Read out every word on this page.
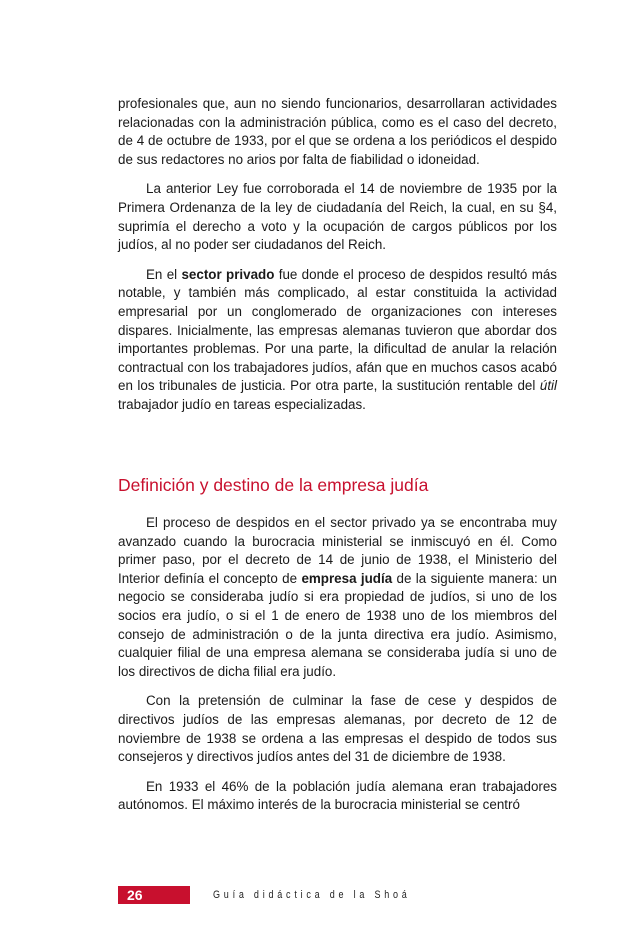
profesionales que, aun no siendo funcionarios, desarrollaran actividades relacionadas con la administración pública, como es el caso del decreto, de 4 de octubre de 1933, por el que se ordena a los periódicos el despido de sus redactores no arios por falta de fiabilidad o idoneidad.

La anterior Ley fue corroborada el 14 de noviembre de 1935 por la Primera Ordenanza de la ley de ciudadanía del Reich, la cual, en su §4, suprimía el derecho a voto y la ocupación de cargos públicos por los judíos, al no poder ser ciudadanos del Reich.

En el sector privado fue donde el proceso de despidos resultó más notable, y también más complicado, al estar constituida la actividad empresarial por un conglomerado de organizaciones con intereses dispares. Inicialmente, las empresas alemanas tuvieron que abordar dos importantes problemas. Por una parte, la dificultad de anular la relación contractual con los trabajadores judíos, afán que en muchos casos acabó en los tribunales de justicia. Por otra parte, la sustitución rentable del útil trabajador judío en tareas especializadas.

Definición y destino de la empresa judía

El proceso de despidos en el sector privado ya se encontraba muy avanzado cuando la burocracia ministerial se inmiscuyó en él. Como primer paso, por el decreto de 14 de junio de 1938, el Ministerio del Interior definía el concepto de empresa judía de la siguiente manera: un negocio se consideraba judío si era propiedad de judíos, si uno de los socios era judío, o si el 1 de enero de 1938 uno de los miembros del consejo de administración o de la junta directiva era judío. Asimismo, cualquier filial de una empresa alemana se consideraba judía si uno de los directivos de dicha filial era judío.

Con la pretensión de culminar la fase de cese y despidos de directivos judíos de las empresas alemanas, por decreto de 12 de noviembre de 1938 se ordena a las empresas el despido de todos sus consejeros y directivos judíos antes del 31 de diciembre de 1938.

En 1933 el 46% de la población judía alemana eran trabajadores autónomos. El máximo interés de la burocracia ministerial se centró

26	Guía didáctica de la Shoá
